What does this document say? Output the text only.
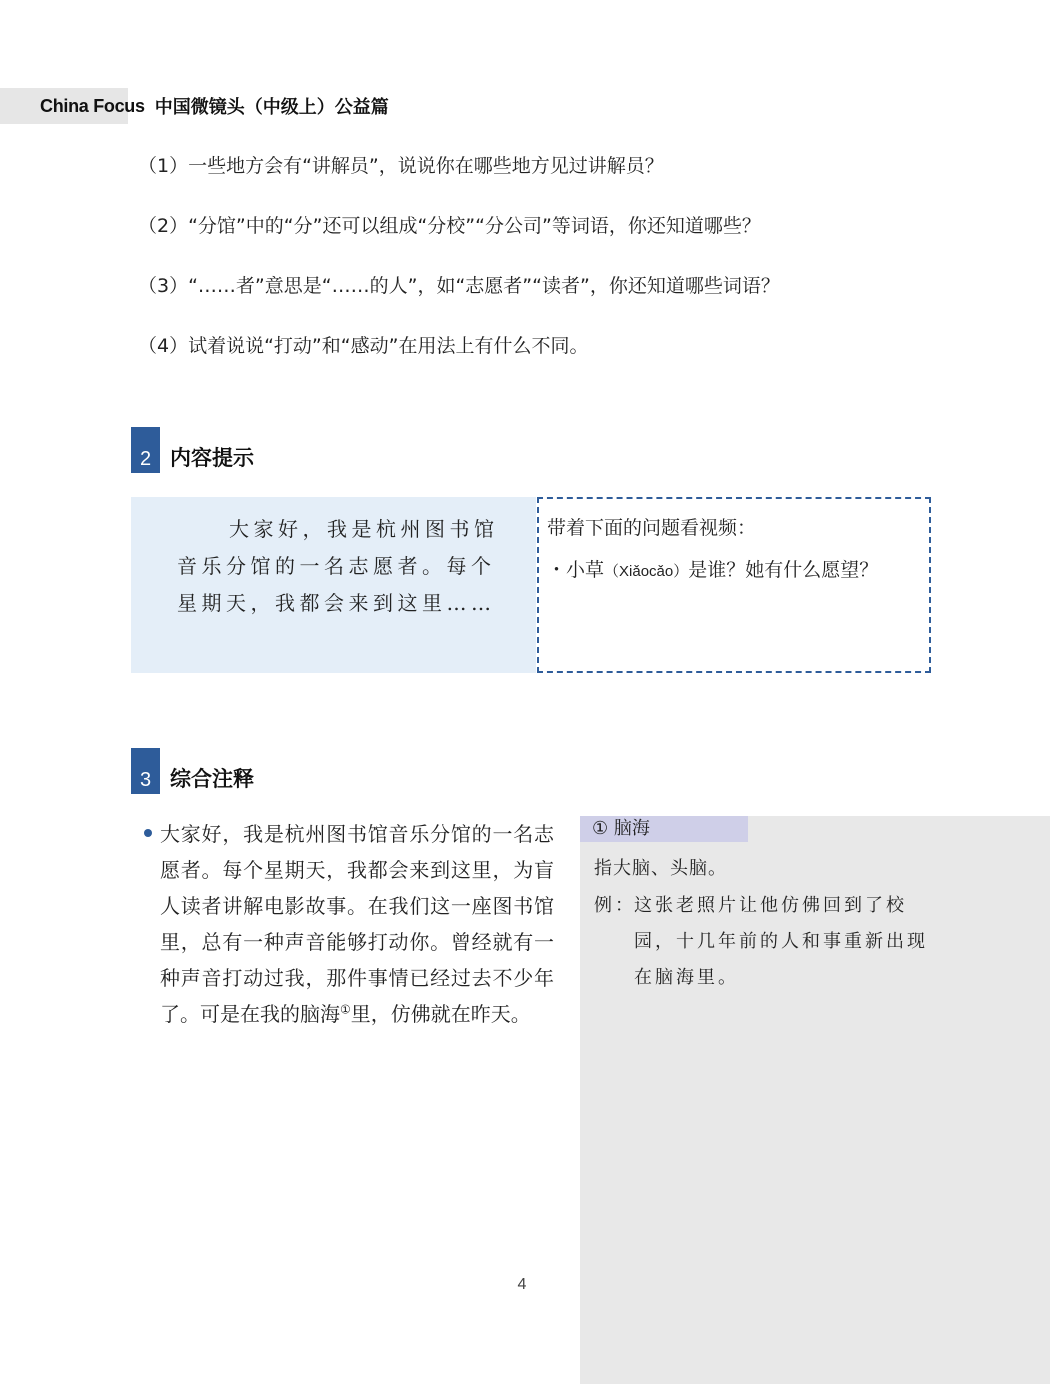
China Focus 中国微镜头（中级上）公益篇
（1）一些地方会有“讲解员”，说说你在哪些地方见过讲解员？
（2）“分馆”中的“分”还可以组成“分校”“分公司”等词语，你还知道哪些？
（3）“……者”意思是“……的人”，如“志愿者”“读者”，你还知道哪些词语？
（4）试着说说“打动”和“感动”在用法上有什么不同。
2 内容提示
大家好，我是杭州图书馆音乐分馆的一名志愿者。每个星期天，我都会来到这里……
带着下面的问题看视频：
・小草（Xiǎocǎo）是谁？她有什么愿望？
3 综合注释
大家好，我是杭州图书馆音乐分馆的一名志愿者。每个星期天，我都会来到这里，为盲人读者讲解电影故事。在我们这一座图书馆里，总有一种声音能够打动你。曾经就有一种声音打动过我，那件事情已经过去不少年了。可是在我的脑海①里，仿佛就在昨天。
① 脑海
指大脑、头脑。
例：
这张老照片让他仿佛回到了校园，十几年前的人和事重新出现在脑海里。
4
